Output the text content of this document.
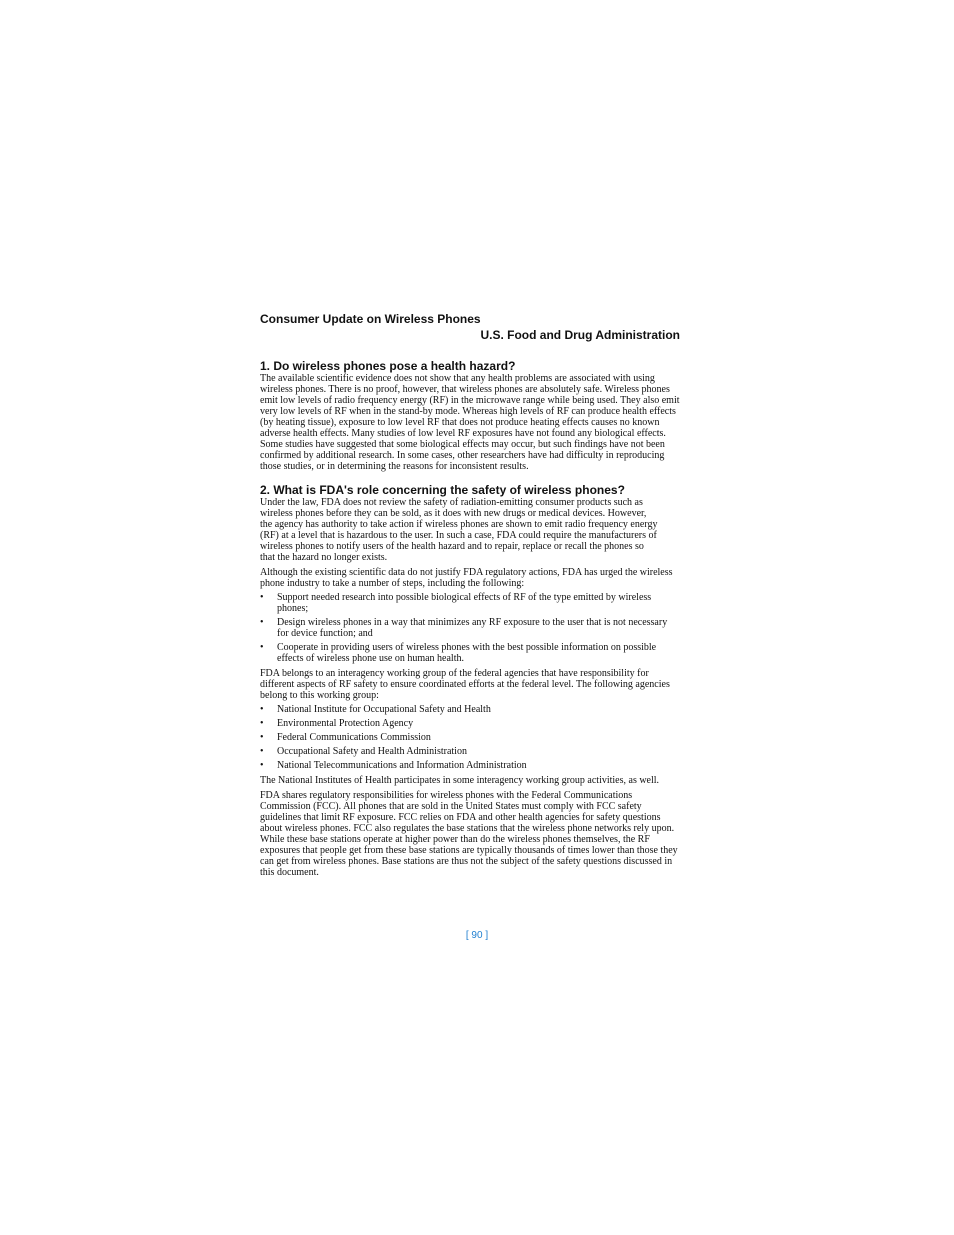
Consumer Update on Wireless Phones

U.S. Food and Drug Administration

1. Do wireless phones pose a health hazard?

The available scientific evidence does not show that any health problems are associated with using wireless phones. There is no proof, however, that wireless phones are absolutely safe. Wireless phones emit low levels of radio frequency energy (RF) in the microwave range while being used. They also emit very low levels of RF when in the stand-by mode. Whereas high levels of RF can produce health effects (by heating tissue), exposure to low level RF that does not produce heating effects causes no known adverse health effects. Many studies of low level RF exposures have not found any biological effects. Some studies have suggested that some biological effects may occur, but such findings have not been confirmed by additional research. In some cases, other researchers have had difficulty in reproducing those studies, or in determining the reasons for inconsistent results.

2. What is FDA's role concerning the safety of wireless phones?

Under the law, FDA does not review the safety of radiation-emitting consumer products such as wireless phones before they can be sold, as it does with new drugs or medical devices. However, the agency has authority to take action if wireless phones are shown to emit radio frequency energy (RF) at a level that is hazardous to the user. In such a case, FDA could require the manufacturers of wireless phones to notify users of the health hazard and to repair, replace or recall the phones so that the hazard no longer exists.

Although the existing scientific data do not justify FDA regulatory actions, FDA has urged the wireless phone industry to take a number of steps, including the following:

• Support needed research into possible biological effects of RF of the type emitted by wireless phones;
• Design wireless phones in a way that minimizes any RF exposure to the user that is not necessary for device function; and
• Cooperate in providing users of wireless phones with the best possible information on possible effects of wireless phone use on human health.

FDA belongs to an interagency working group of the federal agencies that have responsibility for different aspects of RF safety to ensure coordinated efforts at the federal level. The following agencies belong to this working group:

• National Institute for Occupational Safety and Health
• Environmental Protection Agency
• Federal Communications Commission
• Occupational Safety and Health Administration
• National Telecommunications and Information Administration

The National Institutes of Health participates in some interagency working group activities, as well.

FDA shares regulatory responsibilities for wireless phones with the Federal Communications Commission (FCC). All phones that are sold in the United States must comply with FCC safety guidelines that limit RF exposure. FCC relies on FDA and other health agencies for safety questions about wireless phones. FCC also regulates the base stations that the wireless phone networks rely upon. While these base stations operate at higher power than do the wireless phones themselves, the RF exposures that people get from these base stations are typically thousands of times lower than those they can get from wireless phones. Base stations are thus not the subject of the safety questions discussed in this document.

[ 90 ]
